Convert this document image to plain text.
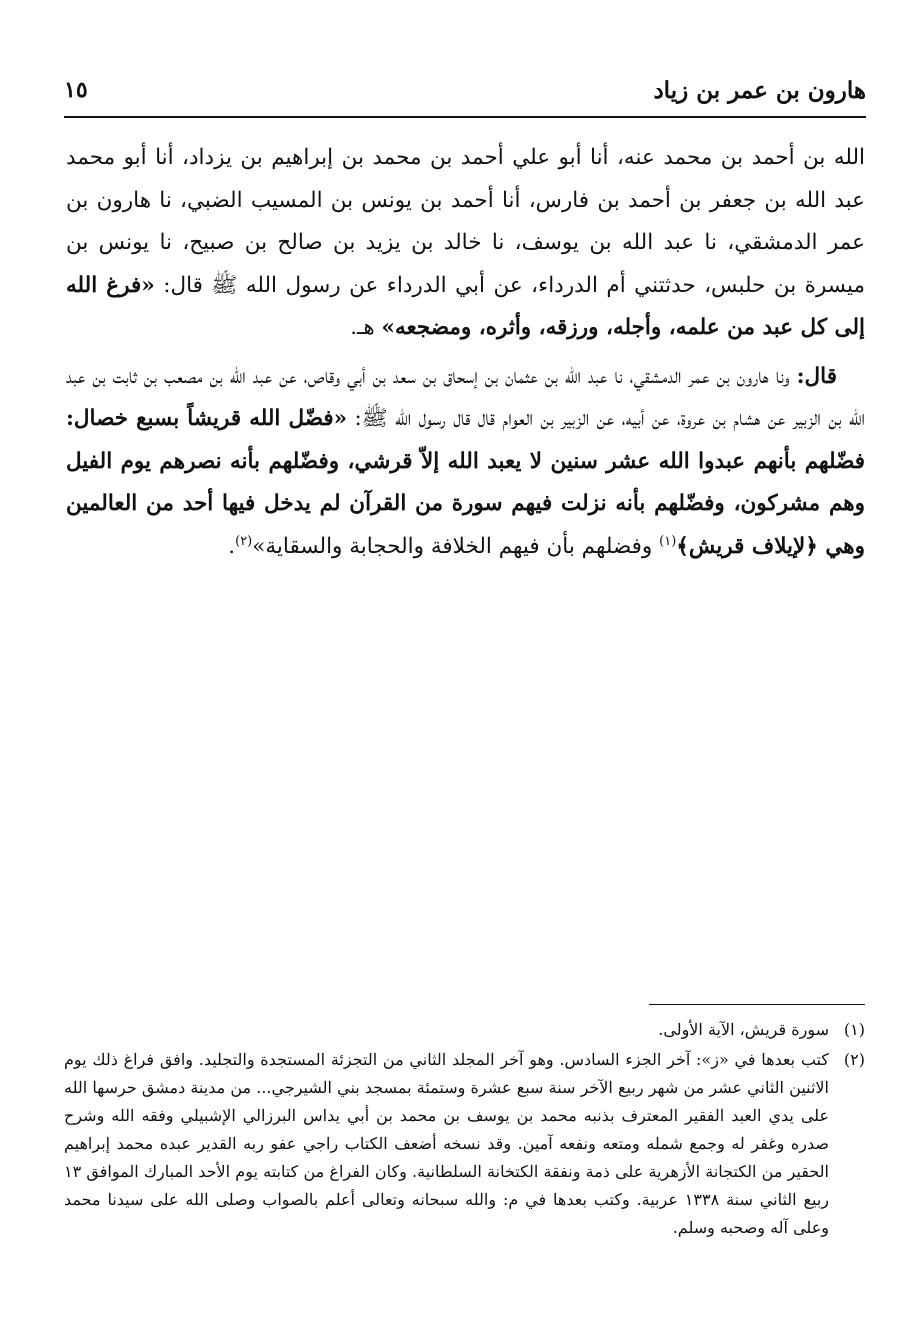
هارون بن عمر بن زياد
١٥

الله بن أحمد بن محمد عنه، أنا أبو علي أحمد بن محمد بن إبراهيم بن يزداد، أنا أبو محمد عبد الله بن جعفر بن أحمد بن فارس، أنا أحمد بن يونس بن المسيب الضبي، نا هارون بن عمر الدمشقي، نا عبد الله بن يوسف، نا خالد بن يزيد بن صالح بن صبيح، نا يونس بن ميسرة بن حلبس، حدثتني أم الدرداء، عن أبي الدرداء عن رسول الله ﷺ قال: «فرغ الله إلى كل عبد من علمه، وأجله، ورزقه، وأثره، ومضجعه» هـ.

قال: ونا هارون بن عمر الدمشقي، نا عبد الله بن عثمان بن إسحاق بن سعد بن أبي وقاص، عن عبد الله بن مصعب بن ثابت بن عبد الله بن الزبير عن هشام بن عروة، عن أبيه، عن الزبير بن العوام قال قال رسول الله ﷺ: «فضّل الله قريشاً بسبع خصال: فضّلهم بأنهم عبدوا الله عشر سنين لا يعبد الله إلاّ قرشي، وفضّلهم بأنه نصرهم يوم الفيل وهم مشركون، وفضّلهم بأنه نزلت فيهم سورة من القرآن لم يدخل فيها أحد من العالمين وهي ﴿لإيلاف قريش﴾$^{(١)}$ وفضلهم بأن فيهم الخلافة والحجابة والسقاية»$^{(٢)}$.

(١)
سورة قريش، الآية الأولى.
(٢)
كتب بعدها في «ز»: آخر الجزء السادس. وهو آخر المجلد الثاني من التجزئة المستجدة والتجليد. وافق فراغ ذلك يوم الاثنين الثاني عشر من شهر ربيع الآخر سنة سبع عشرة وستمئة بمسجد بني الشيرجي... من مدينة دمشق حرسها الله على يدي العبد الفقير المعترف بذنبه محمد بن يوسف بن محمد بن أبي يداس البرزالي الإشبيلي وفقه الله وشرح صدره وغفر له وجمع شمله ومتعه ونفعه آمين. وقد نسخه أضعف الكتاب راجي عفو ربه القدير عبده محمد إبراهيم الحقير من الكتجانة الأزهرية على ذمة ونفقة الكتخانة السلطانية. وكان الفراغ من كتابته يوم الأحد المبارك الموافق ١٣ ربيع الثاني سنة ١٣٣٨ عربية. وكتب بعدها في م: والله سبحانه وتعالى أعلم بالصواب وصلى الله على سيدنا محمد وعلى آله وصحبه وسلم.
